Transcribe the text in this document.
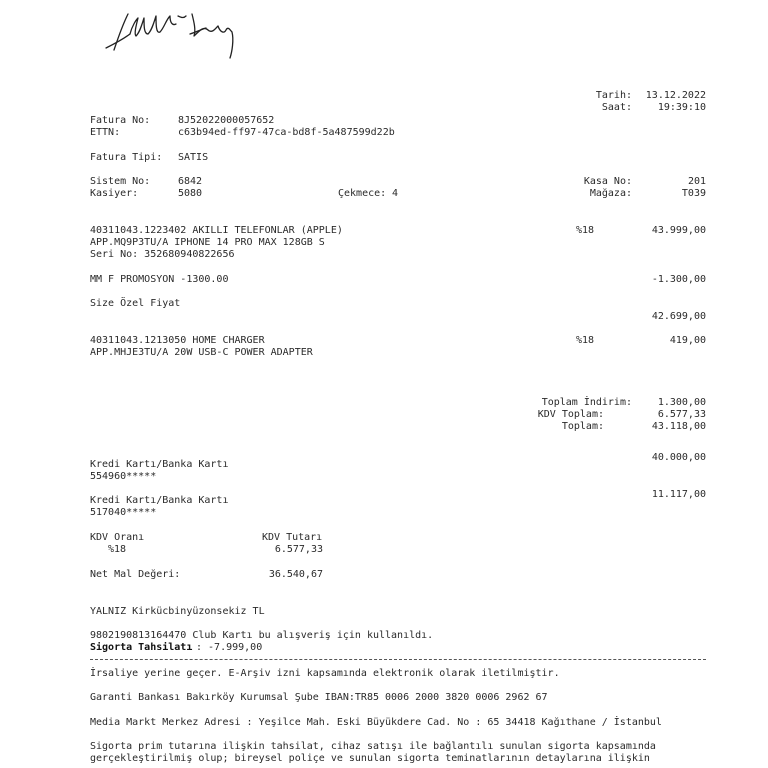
Tarih:	13.12.2022
Saat:	19:39:10
Fatura No:	8J52022000057652
ETTN:	c63b94ed-ff97-47ca-bd8f-5a487599d22b
Fatura Tipi: SATIS
Sistem No:	6842
Kasiyer:	5080	Çekmece: 4
Kasa No:	201
Mağaza:	T039
40311043.1223402 AKILLI TELEFONLAR (APPLE)
APP.MQ9P3TU/A IPHONE 14 PRO MAX 128GB S
Seri No: 352680940822656
%18	43.999,00
MM F PROMOSYON -1300.00	-1.300,00
Size Özel Fiyat
42.699,00
40311043.1213050 HOME CHARGER
APP.MHJE3TU/A 20W USB-C POWER ADAPTER
%18	419,00
Toplam İndirim:	1.300,00
KDV Toplam:	6.577,33
Toplam:	43.118,00
40.000,00
Kredi Kartı/Banka Kartı
554960*****
11.117,00
Kredi Kartı/Banka Kartı
517040*****
KDV Oranı	KDV Tutarı
%18	6.577,33
Net Mal Değeri:	36.540,67
YALNIZ Kirkücbinyüzonsekiz TL
9802190813164470 Club Kartı bu alışveriş için kullanıldı.
Sigorta Tahsilatı : -7.999,00
İrsaliye yerine geçer. E-Arşiv izni kapsamında elektronik olarak iletilmiştir.
Garanti Bankası Bakırköy Kurumsal Şube IBAN:TR85 0006 2000 3820 0006 2962 67
Media Markt Merkez Adresi : Yeşilce Mah. Eski Büyükdere Cad. No : 65 34418 Kağıthane / İstanbul
Sigorta prim tutarına ilişkin tahsilat, cihaz satışı ile bağlantılı sunulan sigorta kapsamında
gerçekleştirilmiş olup; bireysel poliçe ve sunulan sigorta teminatlarının detaylarına ilişkin
